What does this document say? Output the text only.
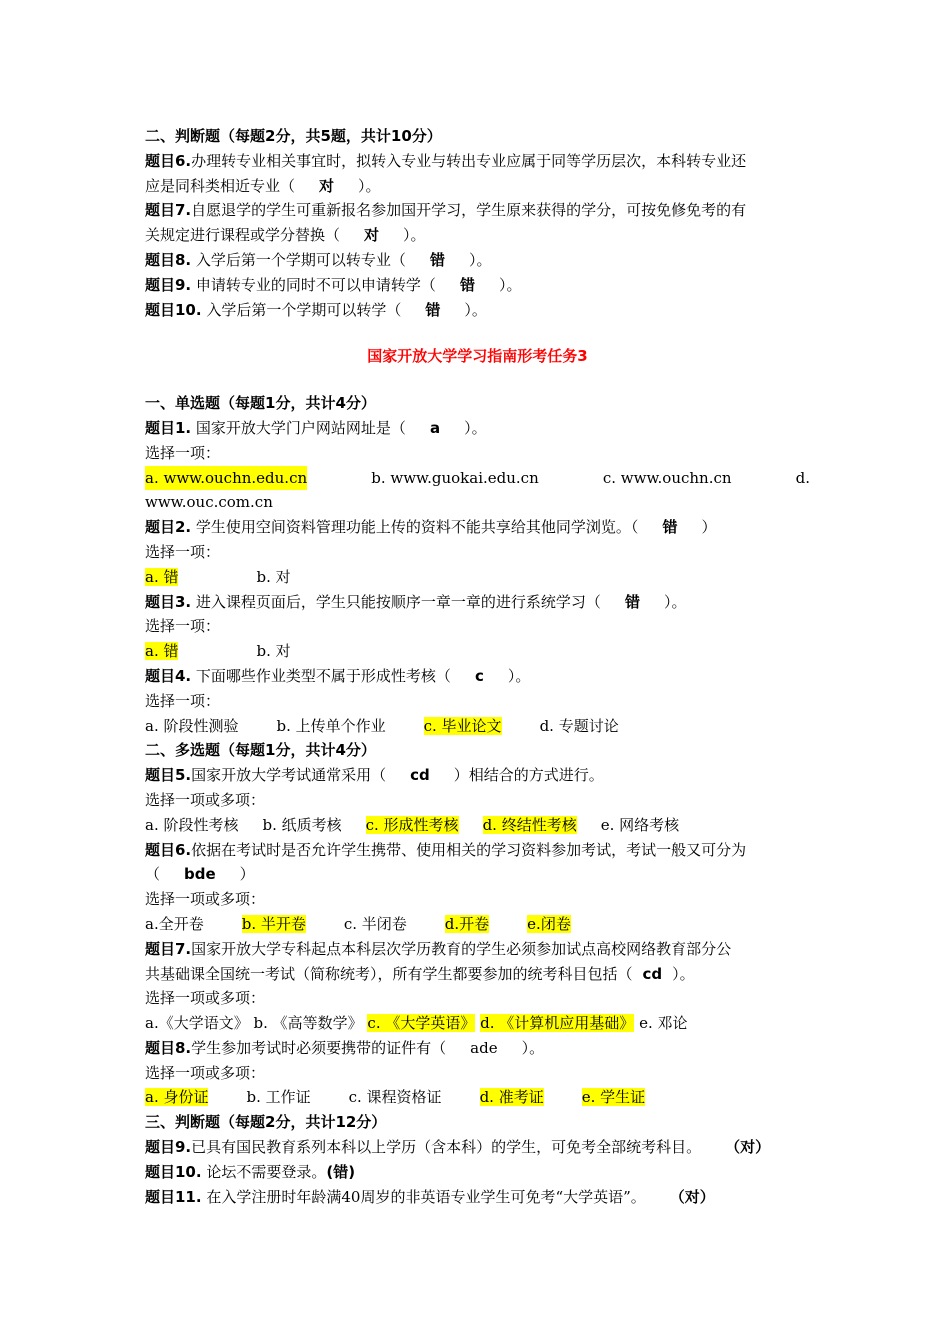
二、判断题（每题2分，共5题，共计10分）
题目6.办理转专业相关事宜时，拟转入专业与转出专业应属于同等学历层次，本科转专业还
应是同科类相近专业（ 对 ）。
题目7.自愿退学的学生可重新报名参加国开学习，学生原来获得的学分，可按免修免考的有
关规定进行课程或学分替换（ 对 ）。
题目8. 入学后第一个学期可以转专业（ 错 ）。
题目9. 申请转专业的同时不可以申请转学（ 错 ）。
题目10. 入学后第一个学期可以转学（ 错 ）。
国家开放大学学习指南形考任务3
一、单选题（每题1分，共计4分）
题目1. 国家开放大学门户网站网址是（ a ）。
选择一项：
a. www.ouchn.edu.cn	b. www.guokai.edu.cn	c. www.ouchn.cn	d.
www.ouc.com.cn
题目2. 学生使用空间资料管理功能上传的资料不能共享给其他同学浏览。（ 错 ）
选择一项：
a. 错	b. 对
题目3. 进入课程页面后，学生只能按顺序一章一章的进行系统学习（ 错 ）。
选择一项：
a. 错	b. 对
题目4. 下面哪些作业类型不属于形成性考核（ c ）。
选择一项：
a. 阶段性测验	b. 上传单个作业	c. 毕业论文	d. 专题讨论
二、多选题（每题1分，共计4分）
题目5.国家开放大学考试通常采用（ cd ）相结合的方式进行。
选择一项或多项：
a. 阶段性考核 b. 纸质考核 c. 形成性考核 d. 终结性考核 e. 网络考核
题目6.依据在考试时是否允许学生携带、使用相关的学习资料参加考试，考试一般又可分为
（ bde ）
选择一项或多项：
a.全开卷	b. 半开卷	c. 半闭卷	d.开卷	e.闭卷
题目7.国家开放大学专科起点本科层次学历教育的学生必须参加试点高校网络教育部分公
共基础课全国统一考试（简称统考），所有学生都要参加的统考科目包括（ cd ）。
选择一项或多项：
a.《大学语文》 b. 《高等数学》 c. 《大学英语》 d. 《计算机应用基础》 e. 邓论
题目8.学生参加考试时必须要携带的证件有（ ade ）。
选择一项或多项：
a. 身份证	b. 工作证	c. 课程资格证	d. 准考证	e. 学生证
三、判断题（每题2分，共计12分）
题目9.已具有国民教育系列本科以上学历（含本科）的学生，可免考全部统考科目。 （对）
题目10. 论坛不需要登录。(错)
题目11. 在入学注册时年龄满40周岁的非英语专业学生可免考“大学英语”。 （对）
